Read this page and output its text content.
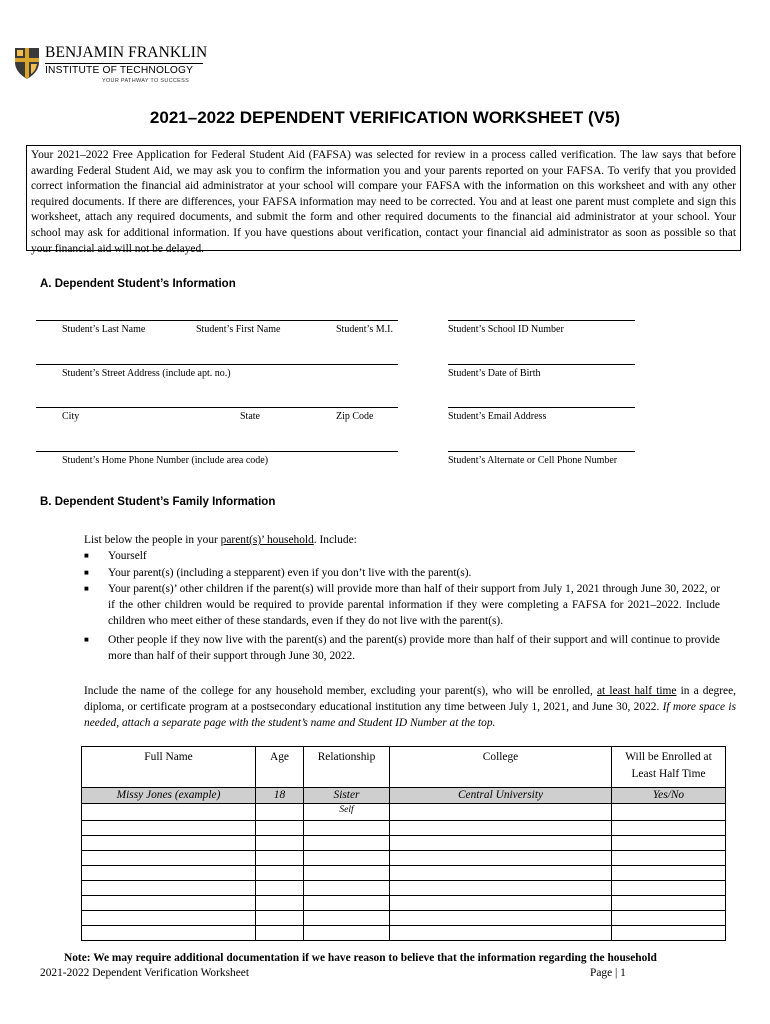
BENJAMIN FRANKLIN
INSTITUTE OF TECHNOLOGY
YOUR PATHWAY TO SUCCESS
2021–2022 DEPENDENT VERIFICATION WORKSHEET (V5)
Your 2021–2022 Free Application for Federal Student Aid (FAFSA) was selected for review in a process called verification. The law says that before awarding Federal Student Aid, we may ask you to confirm the information you and your parents reported on your FAFSA. To verify that you provided correct information the financial aid administrator at your school will compare your FAFSA with the information on this worksheet and with any other required documents. If there are differences, your FAFSA information may need to be corrected. You and at least one parent must complete and sign this worksheet, attach any required documents, and submit the form and other required documents to the financial aid administrator at your school. Your school may ask for additional information. If you have questions about verification, contact your financial aid administrator as soon as possible so that your financial aid will not be delayed.
A. Dependent Student’s Information
Student’s Last Name	Student’s First Name	Student’s M.I.	Student’s School ID Number
Student’s Street Address (include apt. no.)	Student’s Date of Birth
City	State	Zip Code	Student’s Email Address
Student’s Home Phone Number (include area code)	Student’s Alternate or Cell Phone Number
B. Dependent Student’s Family Information
List below the people in your parent(s)’ household. Include:
■ Yourself
■ Your parent(s) (including a stepparent) even if you don’t live with the parent(s).
■ Your parent(s)’ other children if the parent(s) will provide more than half of their support from July 1, 2021 through June 30, 2022, or if the other children would be required to provide parental information if they were completing a FAFSA for 2021–2022. Include children who meet either of these standards, even if they do not live with the parent(s).
■ Other people if they now live with the parent(s) and the parent(s) provide more than half of their support and will continue to provide more than half of their support through June 30, 2022.
Include the name of the college for any household member, excluding your parent(s), who will be enrolled, at least half time in a degree, diploma, or certificate program at a postsecondary educational institution any time between July 1, 2021, and June 30, 2022. If more space is needed, attach a separate page with the student’s name and Student ID Number at the top.
Full Name	Age	Relationship	College	Will be Enrolled at Least Half Time
Missy Jones (example)	18	Sister	Central University	Yes/No
		Self		

Note: We may require additional documentation if we have reason to believe that the information regarding the household
2021-2022 Dependent Verification Worksheet	Page | 1
